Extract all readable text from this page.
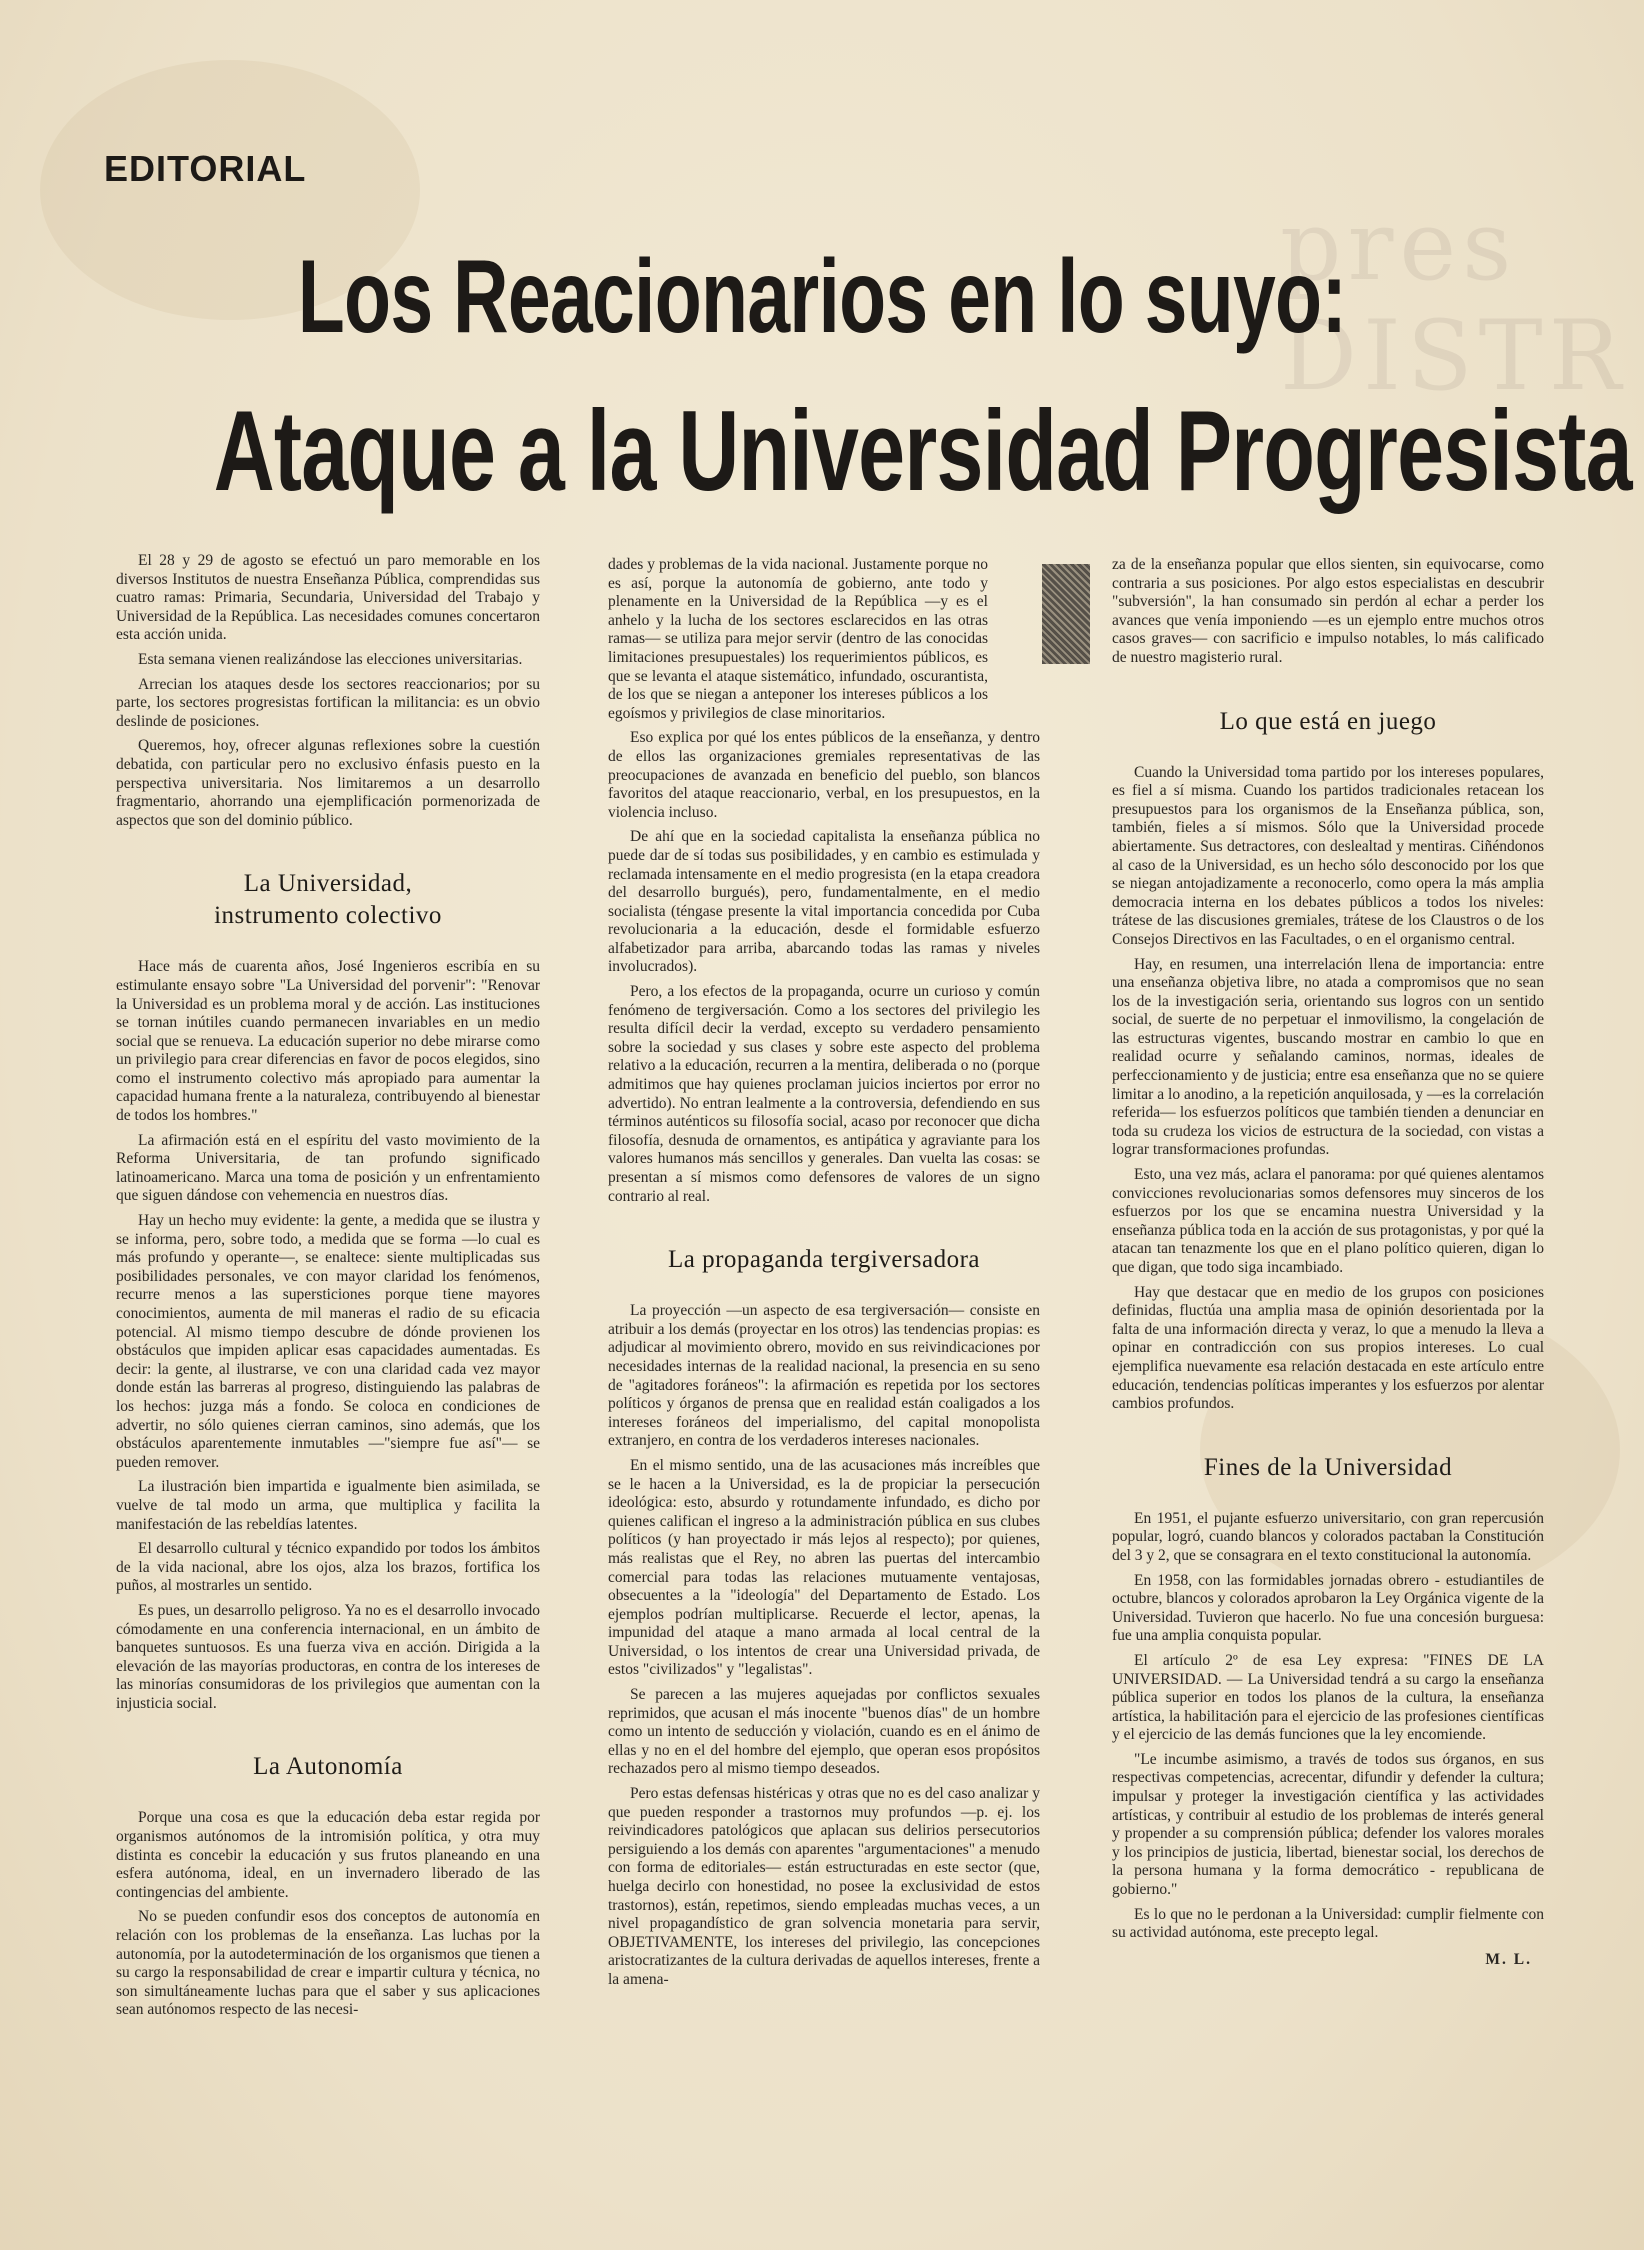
pres
DISTR
EDITORIAL
Los Reacionarios en lo suyo:
Ataque a la Universidad Progresista

El 28 y 29 de agosto se efectuó un paro memorable en los diversos Institutos de nuestra Enseñanza Pública, comprendidas sus cuatro ramas: Primaria, Secundaria, Universidad del Trabajo y Universidad de la República. Las necesidades comunes concertaron esta acción unida.

Esta semana vienen realizándose las elecciones universitarias.

Arrecian los ataques desde los sectores reaccionarios; por su parte, los sectores progresistas fortifican la militancia: es un obvio deslinde de posiciones.

Queremos, hoy, ofrecer algunas reflexiones sobre la cuestión debatida, con particular pero no exclusivo énfasis puesto en la perspectiva universitaria. Nos limitaremos a un desarrollo fragmentario, ahorrando una ejemplificación pormenorizada de aspectos que son del dominio público.

La Universidad,
instrumento colectivo

Hace más de cuarenta años, José Ingenieros escribía en su estimulante ensayo sobre "La Universidad del porvenir": "Renovar la Universidad es un problema moral y de acción. Las instituciones se tornan inútiles cuando permanecen invariables en un medio social que se renueva. La educación superior no debe mirarse como un privilegio para crear diferencias en favor de pocos elegidos, sino como el instrumento colectivo más apropiado para aumentar la capacidad humana frente a la naturaleza, contribuyendo al bienestar de todos los hombres."

La afirmación está en el espíritu del vasto movimiento de la Reforma Universitaria, de tan profundo significado latinoamericano. Marca una toma de posición y un enfrentamiento que siguen dándose con vehemencia en nuestros días.

Hay un hecho muy evidente: la gente, a medida que se ilustra y se informa, pero, sobre todo, a medida que se forma —lo cual es más profundo y operante—, se enaltece: siente multiplicadas sus posibilidades personales, ve con mayor claridad los fenómenos, recurre menos a las supersticiones porque tiene mayores conocimientos, aumenta de mil maneras el radio de su eficacia potencial. Al mismo tiempo descubre de dónde provienen los obstáculos que impiden aplicar esas capacidades aumentadas. Es decir: la gente, al ilustrarse, ve con una claridad cada vez mayor donde están las barreras al progreso, distinguiendo las palabras de los hechos: juzga más a fondo. Se coloca en condiciones de advertir, no sólo quienes cierran caminos, sino además, que los obstáculos aparentemente inmutables —"siempre fue así"— se pueden remover.

La ilustración bien impartida e igualmente bien asimilada, se vuelve de tal modo un arma, que multiplica y facilita la manifestación de las rebeldías latentes.

El desarrollo cultural y técnico expandido por todos los ámbitos de la vida nacional, abre los ojos, alza los brazos, fortifica los puños, al mostrarles un sentido.

Es pues, un desarrollo peligroso. Ya no es el desarrollo invocado cómodamente en una conferencia internacional, en un ámbito de banquetes suntuosos. Es una fuerza viva en acción. Dirigida a la elevación de las mayorías productoras, en contra de los intereses de las minorías consumidoras de los privilegios que aumentan con la injusticia social.

La Autonomía

Porque una cosa es que la educación deba estar regida por organismos autónomos de la intromisión política, y otra muy distinta es concebir la educación y sus frutos planeando en una esfera autónoma, ideal, en un invernadero liberado de las contingencias del ambiente.

No se pueden confundir esos dos conceptos de autonomía en relación con los problemas de la enseñanza. Las luchas por la autonomía, por la autodeterminación de los organismos que tienen a su cargo la responsabilidad de crear e impartir cultura y técnica, no son simultáneamente luchas para que el saber y sus aplicaciones sean autónomos respecto de las necesi-

dades y problemas de la vida nacional. Justamente porque no es así, porque la autonomía de gobierno, ante todo y plenamente en la Universidad de la República —y es el anhelo y la lucha de los sectores esclarecidos en las otras ramas— se utiliza para mejor servir (dentro de las conocidas limitaciones presupuestales) los requerimientos públicos, es que se levanta el ataque sistemático, infundado, oscurantista, de los que se niegan a anteponer los intereses públicos a los egoísmos y privilegios de clase minoritarios.

Eso explica por qué los entes públicos de la enseñanza, y dentro de ellos las organizaciones gremiales representativas de las preocupaciones de avanzada en beneficio del pueblo, son blancos favoritos del ataque reaccionario, verbal, en los presupuestos, en la violencia incluso.

De ahí que en la sociedad capitalista la enseñanza pública no puede dar de sí todas sus posibilidades, y en cambio es estimulada y reclamada intensamente en el medio progresista (en la etapa creadora del desarrollo burgués), pero, fundamentalmente, en el medio socialista (téngase presente la vital importancia concedida por Cuba revolucionaria a la educación, desde el formidable esfuerzo alfabetizador para arriba, abarcando todas las ramas y niveles involucrados).

Pero, a los efectos de la propaganda, ocurre un curioso y común fenómeno de tergiversación. Como a los sectores del privilegio les resulta difícil decir la verdad, excepto su verdadero pensamiento sobre la sociedad y sus clases y sobre este aspecto del problema relativo a la educación, recurren a la mentira, deliberada o no (porque admitimos que hay quienes proclaman juicios inciertos por error no advertido). No entran lealmente a la controversia, defendiendo en sus términos auténticos su filosofía social, acaso por reconocer que dicha filosofía, desnuda de ornamentos, es antipática y agraviante para los valores humanos más sencillos y generales. Dan vuelta las cosas: se presentan a sí mismos como defensores de valores de un signo contrario al real.

La propaganda tergiversadora

La proyección —un aspecto de esa tergiversación— consiste en atribuir a los demás (proyectar en los otros) las tendencias propias: es adjudicar al movimiento obrero, movido en sus reivindicaciones por necesidades internas de la realidad nacional, la presencia en su seno de "agitadores foráneos": la afirmación es repetida por los sectores políticos y órganos de prensa que en realidad están coaligados a los intereses foráneos del imperialismo, del capital monopolista extranjero, en contra de los verdaderos intereses nacionales.

En el mismo sentido, una de las acusaciones más increíbles que se le hacen a la Universidad, es la de propiciar la persecución ideológica: esto, absurdo y rotundamente infundado, es dicho por quienes califican el ingreso a la administración pública en sus clubes políticos (y han proyectado ir más lejos al respecto); por quienes, más realistas que el Rey, no abren las puertas del intercambio comercial para todas las relaciones mutuamente ventajosas, obsecuentes a la "ideología" del Departamento de Estado. Los ejemplos podrían multiplicarse. Recuerde el lector, apenas, la impunidad del ataque a mano armada al local central de la Universidad, o los intentos de crear una Universidad privada, de estos "civilizados" y "legalistas".

Se parecen a las mujeres aquejadas por conflictos sexuales reprimidos, que acusan el más inocente "buenos días" de un hombre como un intento de seducción y violación, cuando es en el ánimo de ellas y no en el del hombre del ejemplo, que operan esos propósitos rechazados pero al mismo tiempo deseados.

Pero estas defensas histéricas y otras que no es del caso analizar y que pueden responder a trastornos muy profundos —p. ej. los reivindicadores patológicos que aplacan sus delirios persecutorios persiguiendo a los demás con aparentes "argumentaciones" a menudo con forma de editoriales— están estructuradas en este sector (que, huelga decirlo con honestidad, no posee la exclusividad de estos trastornos), están, repetimos, siendo empleadas muchas veces, a un nivel propagandístico de gran solvencia monetaria para servir, OBJETIVAMENTE, los intereses del privilegio, las concepciones aristocratizantes de la cultura derivadas de aquellos intereses, frente a la amena-

za de la enseñanza popular que ellos sienten, sin equivocarse, como contraria a sus posiciones. Por algo estos especialistas en descubrir "subversión", la han consumado sin perdón al echar a perder los avances que venía imponiendo —es un ejemplo entre muchos otros casos graves— con sacrificio e impulso notables, lo más calificado de nuestro magisterio rural.

Lo que está en juego

Cuando la Universidad toma partido por los intereses populares, es fiel a sí misma. Cuando los partidos tradicionales retacean los presupuestos para los organismos de la Enseñanza pública, son, también, fieles a sí mismos. Sólo que la Universidad procede abiertamente. Sus detractores, con deslealtad y mentiras. Ciñéndonos al caso de la Universidad, es un hecho sólo desconocido por los que se niegan antojadizamente a reconocerlo, como opera la más amplia democracia interna en los debates públicos a todos los niveles: trátese de las discusiones gremiales, trátese de los Claustros o de los Consejos Directivos en las Facultades, o en el organismo central.

Hay, en resumen, una interrelación llena de importancia: entre una enseñanza objetiva libre, no atada a compromisos que no sean los de la investigación seria, orientando sus logros con un sentido social, de suerte de no perpetuar el inmovilismo, la congelación de las estructuras vigentes, buscando mostrar en cambio lo que en realidad ocurre y señalando caminos, normas, ideales de perfeccionamiento y de justicia; entre esa enseñanza que no se quiere limitar a lo anodino, a la repetición anquilosada, y —es la correlación referida— los esfuerzos políticos que también tienden a denunciar en toda su crudeza los vicios de estructura de la sociedad, con vistas a lograr transformaciones profundas.

Esto, una vez más, aclara el panorama: por qué quienes alentamos convicciones revolucionarias somos defensores muy sinceros de los esfuerzos por los que se encamina nuestra Universidad y la enseñanza pública toda en la acción de sus protagonistas, y por qué la atacan tan tenazmente los que en el plano político quieren, digan lo que digan, que todo siga incambiado.

Hay que destacar que en medio de los grupos con posiciones definidas, fluctúa una amplia masa de opinión desorientada por la falta de una información directa y veraz, lo que a menudo la lleva a opinar en contradicción con sus propios intereses. Lo cual ejemplifica nuevamente esa relación destacada en este artículo entre educación, tendencias políticas imperantes y los esfuerzos por alentar cambios profundos.

Fines de la Universidad

En 1951, el pujante esfuerzo universitario, con gran repercusión popular, logró, cuando blancos y colorados pactaban la Constitución del 3 y 2, que se consagrara en el texto constitucional la autonomía.

En 1958, con las formidables jornadas obrero - estudiantiles de octubre, blancos y colorados aprobaron la Ley Orgánica vigente de la Universidad. Tuvieron que hacerlo. No fue una concesión burguesa: fue una amplia conquista popular.

El artículo 2º de esa Ley expresa: "FINES DE LA UNIVERSIDAD. — La Universidad tendrá a su cargo la enseñanza pública superior en todos los planos de la cultura, la enseñanza artística, la habilitación para el ejercicio de las profesiones científicas y el ejercicio de las demás funciones que la ley encomiende.

"Le incumbe asimismo, a través de todos sus órganos, en sus respectivas competencias, acrecentar, difundir y defender la cultura; impulsar y proteger la investigación científica y las actividades artísticas, y contribuir al estudio de los problemas de interés general y propender a su comprensión pública; defender los valores morales y los principios de justicia, libertad, bienestar social, los derechos de la persona humana y la forma democrático - republicana de gobierno."

Es lo que no le perdonan a la Universidad: cumplir fielmente con su actividad autónoma, este precepto legal.

M. L.
